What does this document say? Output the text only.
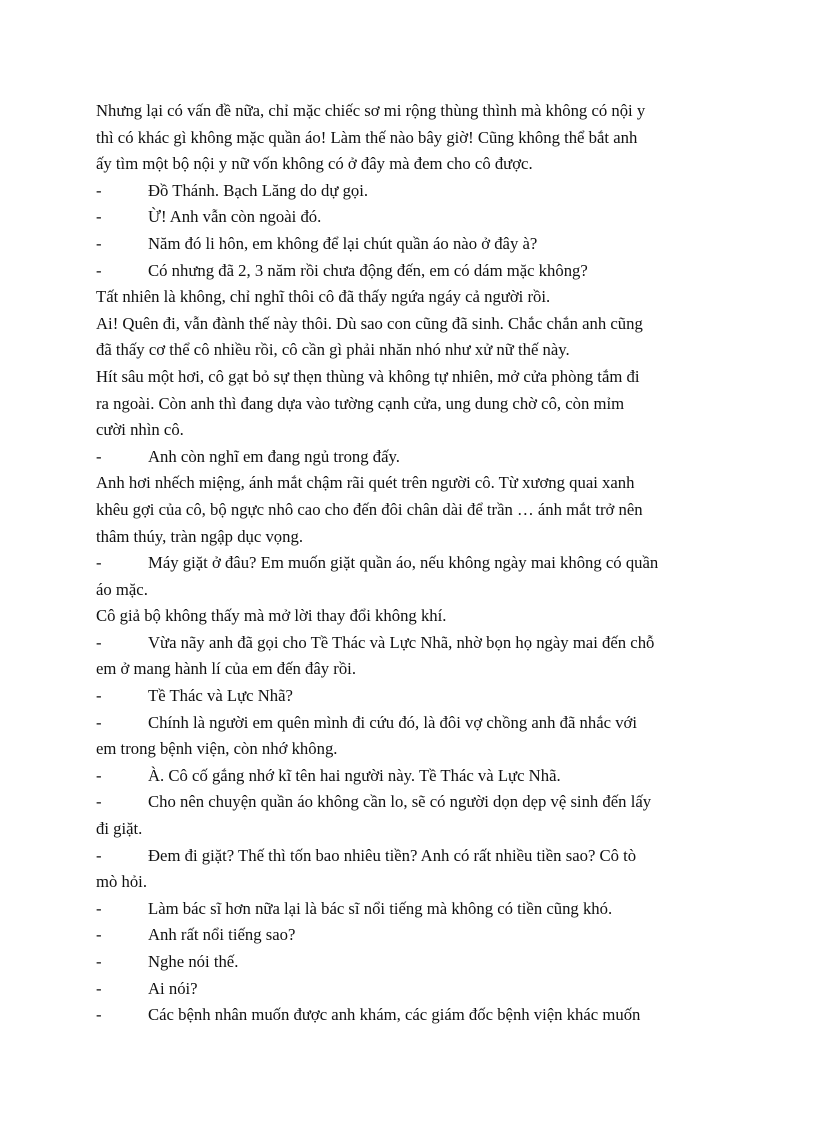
Nhưng lại có vấn đề nữa, chỉ mặc chiếc sơ mi rộng thùng thình mà không có nội y
thì có khác gì không mặc quần áo! Làm thế nào bây giờ! Cũng không thể bắt anh
ấy tìm một bộ nội y nữ vốn không có ở đây mà đem cho cô được.
-	Đồ Thánh. Bạch Lăng do dự gọi.
-	Ừ! Anh vẫn còn ngoài đó.
-	Năm đó li hôn, em không để lại chút quần áo nào ở đây à?
-	Có nhưng đã 2, 3 năm rồi chưa động đến, em có dám mặc không?
Tất nhiên là không, chỉ nghĩ thôi cô đã thấy ngứa ngáy cả người rồi.
Ai! Quên đi, vẫn đành thế này thôi. Dù sao con cũng đã sinh. Chắc chắn anh cũng
đã thấy cơ thể cô nhiều rồi, cô cần gì phải nhăn nhó như xử nữ thế này.
Hít sâu một hơi, cô gạt bỏ sự thẹn thùng và không tự nhiên, mở cửa phòng tắm đi
ra ngoài. Còn anh thì đang dựa vào tường cạnh cửa, ung dung chờ cô, còn mỉm
cười nhìn cô.
-	Anh còn nghĩ em đang ngủ trong đấy.
Anh hơi nhếch miệng, ánh mắt chậm rãi quét trên người cô. Từ xương quai xanh
khêu gợi của cô, bộ ngực nhô cao cho đến đôi chân dài để trần … ánh mắt trở nên
thâm thúy, tràn ngập dục vọng.
-	Máy giặt ở đâu? Em muốn giặt quần áo, nếu không ngày mai không có quần
áo mặc.
Cô giả bộ không thấy mà mở lời thay đổi không khí.
-	Vừa nãy anh đã gọi cho Tề Thác và Lực Nhã, nhờ bọn họ ngày mai đến chỗ
em ở mang hành lí của em đến đây rồi.
-	Tề Thác và Lực Nhã?
-	Chính là người em quên mình đi cứu đó, là đôi vợ chồng anh đã nhắc với
em trong bệnh viện, còn nhớ không.
-	À. Cô cố gắng nhớ kĩ tên hai người này. Tề Thác và Lực Nhã.
-	Cho nên chuyện quần áo không cần lo, sẽ có người dọn dẹp vệ sinh đến lấy
đi giặt.
-	Đem đi giặt? Thế thì tốn bao nhiêu tiền? Anh có rất nhiều tiền sao? Cô tò
mò hỏi.
-	Làm bác sĩ hơn nữa lại là bác sĩ nổi tiếng mà không có tiền cũng khó.
-	Anh rất nổi tiếng sao?
-	Nghe nói thế.
-	Ai nói?
-	Các bệnh nhân muốn được anh khám, các giám đốc bệnh viện khác muốn
